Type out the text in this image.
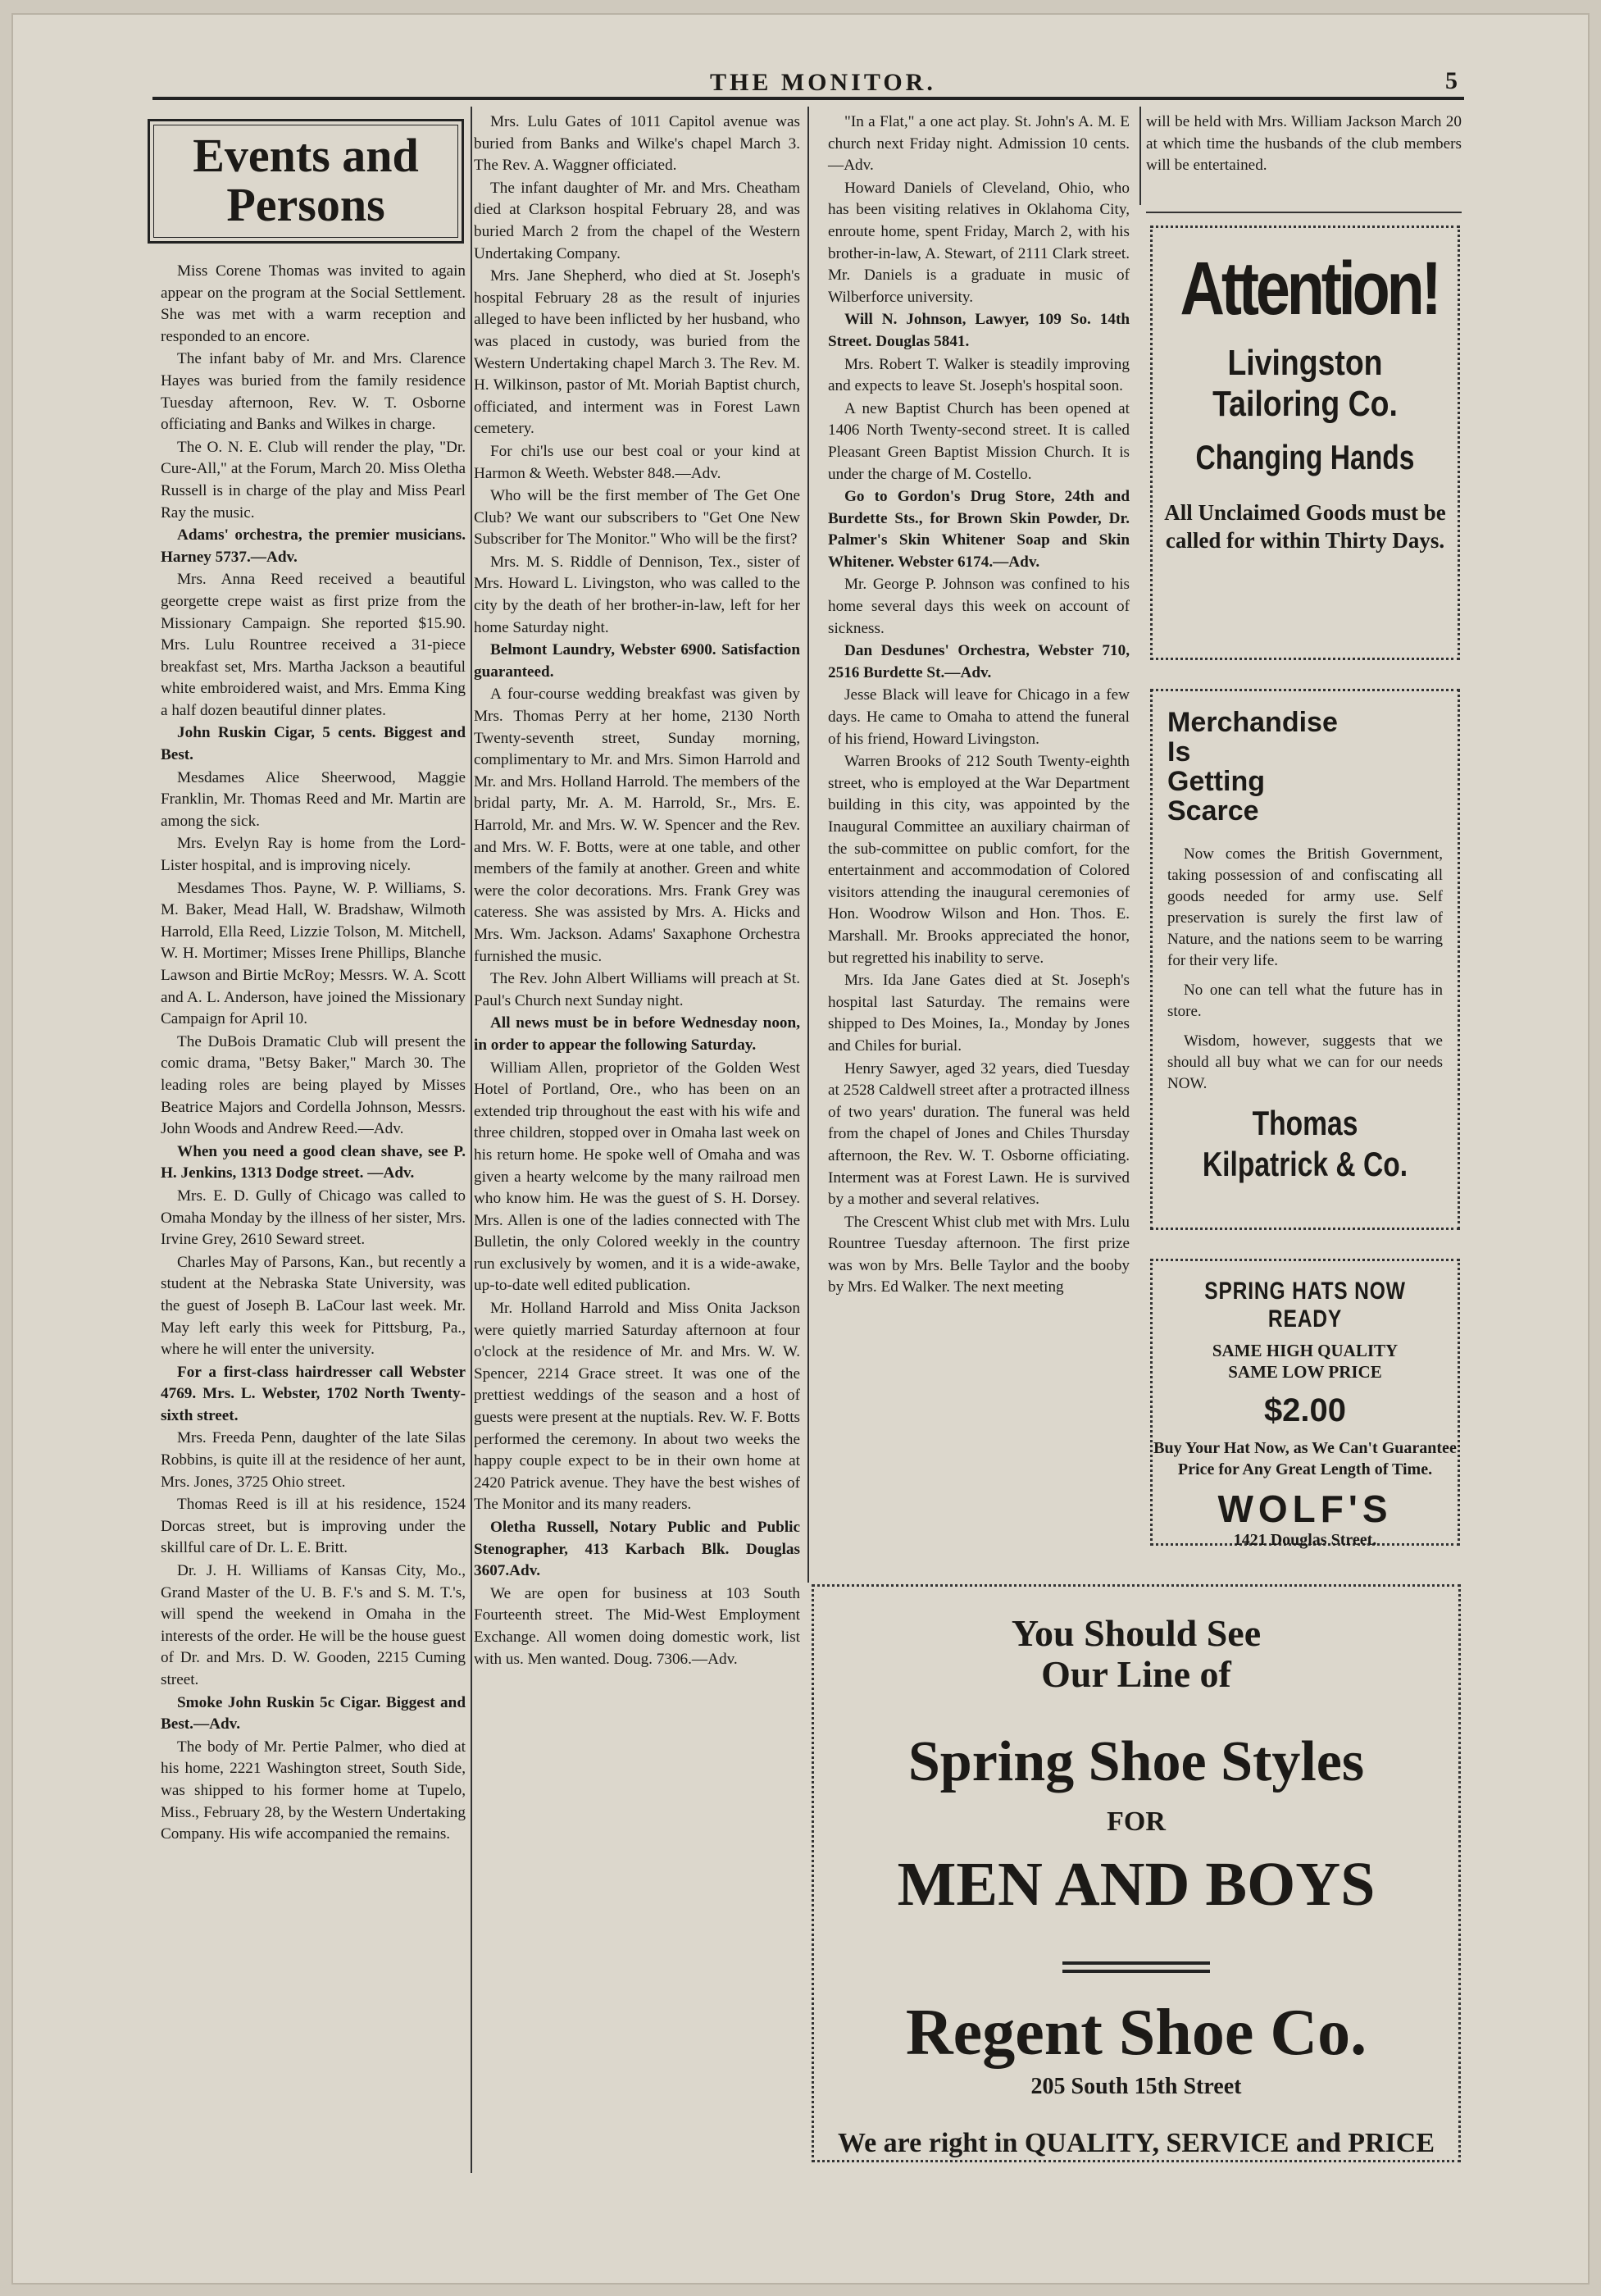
THE MONITOR.	5
Events and
Persons

Miss Corene Thomas was invited to again appear on the program at the Social Settlement. She was met with a warm reception and responded to an encore.

The infant baby of Mr. and Mrs. Clarence Hayes was buried from the family residence Tuesday afternoon, Rev. W. T. Osborne officiating and Banks and Wilkes in charge.

The O. N. E. Club will render the play, "Dr. Cure-All," at the Forum, March 20. Miss Oletha Russell is in charge of the play and Miss Pearl Ray the music.

Adams' orchestra, the premier musicians. Harney 5737.—Adv.

Mrs. Anna Reed received a beautiful georgette crepe waist as first prize from the Missionary Campaign. She reported $15.90. Mrs. Lulu Rountree received a 31-piece breakfast set, Mrs. Martha Jackson a beautiful white embroidered waist, and Mrs. Emma King a half dozen beautiful dinner plates.

John Ruskin Cigar, 5 cents. Biggest and Best.

Mesdames Alice Sheerwood, Maggie Franklin, Mr. Thomas Reed and Mr. Martin are among the sick.

Mrs. Evelyn Ray is home from the Lord-Lister hospital, and is improving nicely.

Mesdames Thos. Payne, W. P. Williams, S. M. Baker, Mead Hall, W. Bradshaw, Wilmoth Harrold, Ella Reed, Lizzie Tolson, M. Mitchell, W. H. Mortimer; Misses Irene Phillips, Blanche Lawson and Birtie McRoy; Messrs. W. A. Scott and A. L. Anderson, have joined the Missionary Campaign for April 10.

The DuBois Dramatic Club will present the comic drama, "Betsy Baker," March 30. The leading roles are being played by Misses Beatrice Majors and Cordella Johnson, Messrs. John Woods and Andrew Reed.—Adv.

When you need a good clean shave, see P. H. Jenkins, 1313 Dodge street. —Adv.

Mrs. E. D. Gully of Chicago was called to Omaha Monday by the illness of her sister, Mrs. Irvine Grey, 2610 Seward street.

Charles May of Parsons, Kan., but recently a student at the Nebraska State University, was the guest of Joseph B. LaCour last week. Mr. May left early this week for Pittsburg, Pa., where he will enter the university.

For a first-class hairdresser call Webster 4769. Mrs. L. Webster, 1702 North Twenty-sixth street.

Mrs. Freeda Penn, daughter of the late Silas Robbins, is quite ill at the residence of her aunt, Mrs. Jones, 3725 Ohio street.

Thomas Reed is ill at his residence, 1524 Dorcas street, but is improving under the skillful care of Dr. L. E. Britt.

Dr. J. H. Williams of Kansas City, Mo., Grand Master of the U. B. F.'s and S. M. T.'s, will spend the weekend in Omaha in the interests of the order. He will be the house guest of Dr. and Mrs. D. W. Gooden, 2215 Cuming street.

Smoke John Ruskin 5c Cigar. Biggest and Best.—Adv.

The body of Mr. Pertie Palmer, who died at his home, 2221 Washington street, South Side, was shipped to his former home at Tupelo, Miss., February 28, by the Western Undertaking Company. His wife accompanied the remains.

Mrs. Lulu Gates of 1011 Capitol avenue was buried from Banks and Wilke's chapel March 3. The Rev. A. Waggner officiated.

The infant daughter of Mr. and Mrs. Cheatham died at Clarkson hospital February 28, and was buried March 2 from the chapel of the Western Undertaking Company.

Mrs. Jane Shepherd, who died at St. Joseph's hospital February 28 as the result of injuries alleged to have been inflicted by her husband, who was placed in custody, was buried from the Western Undertaking chapel March 3. The Rev. M. H. Wilkinson, pastor of Mt. Moriah Baptist church, officiated, and interment was in Forest Lawn cemetery.

For chi'ls use our best coal or your kind at Harmon & Weeth. Webster 848.—Adv.

Who will be the first member of The Get One Club? We want our subscribers to "Get One New Subscriber for The Monitor." Who will be the first?

Mrs. M. S. Riddle of Dennison, Tex., sister of Mrs. Howard L. Livingston, who was called to the city by the death of her brother-in-law, left for her home Saturday night.

Belmont Laundry, Webster 6900. Satisfaction guaranteed.

A four-course wedding breakfast was given by Mrs. Thomas Perry at her home, 2130 North Twenty-seventh street, Sunday morning, complimentary to Mr. and Mrs. Simon Harrold and Mr. and Mrs. Holland Harrold. The members of the bridal party, Mr. A. M. Harrold, Sr., Mrs. E. Harrold, Mr. and Mrs. W. W. Spencer and the Rev. and Mrs. W. F. Botts, were at one table, and other members of the family at another. Green and white were the color decorations. Mrs. Frank Grey was cateress. She was assisted by Mrs. A. Hicks and Mrs. Wm. Jackson. Adams' Saxaphone Orchestra furnished the music.

The Rev. John Albert Williams will preach at St. Paul's Church next Sunday night.

All news must be in before Wednesday noon, in order to appear the following Saturday.

William Allen, proprietor of the Golden West Hotel of Portland, Ore., who has been on an extended trip throughout the east with his wife and three children, stopped over in Omaha last week on his return home. He spoke well of Omaha and was given a hearty welcome by the many railroad men who know him. He was the guest of S. H. Dorsey. Mrs. Allen is one of the ladies connected with The Bulletin, the only Colored weekly in the country run exclusively by women, and it is a wide-awake, up-to-date well edited publication.

Mr. Holland Harrold and Miss Onita Jackson were quietly married Saturday afternoon at four o'clock at the residence of Mr. and Mrs. W. W. Spencer, 2214 Grace street. It was one of the prettiest weddings of the season and a host of guests were present at the nuptials. Rev. W. F. Botts performed the ceremony. In about two weeks the happy couple expect to be in their own home at 2420 Patrick avenue. They have the best wishes of The Monitor and its many readers.

Oletha Russell, Notary Public and Public Stenographer, 413 Karbach Blk. Douglas 3607.Adv.

We are open for business at 103 South Fourteenth street. The Mid-West Employment Exchange. All women doing domestic work, list with us. Men wanted. Doug. 7306.—Adv.

"In a Flat," a one act play. St. John's A. M. E church next Friday night. Admission 10 cents.—Adv.

Howard Daniels of Cleveland, Ohio, who has been visiting relatives in Oklahoma City, enroute home, spent Friday, March 2, with his brother-in-law, A. Stewart, of 2111 Clark street. Mr. Daniels is a graduate in music of Wilberforce university.

Will N. Johnson, Lawyer, 109 So. 14th Street. Douglas 5841.

Mrs. Robert T. Walker is steadily improving and expects to leave St. Joseph's hospital soon.

A new Baptist Church has been opened at 1406 North Twenty-second street. It is called Pleasant Green Baptist Mission Church. It is under the charge of M. Costello.

Go to Gordon's Drug Store, 24th and Burdette Sts., for Brown Skin Powder, Dr. Palmer's Skin Whitener Soap and Skin Whitener. Webster 6174.—Adv.

Mr. George P. Johnson was confined to his home several days this week on account of sickness.

Dan Desdunes' Orchestra, Webster 710, 2516 Burdette St.—Adv.

Jesse Black will leave for Chicago in a few days. He came to Omaha to attend the funeral of his friend, Howard Livingston.

Warren Brooks of 212 South Twenty-eighth street, who is employed at the War Department building in this city, was appointed by the Inaugural Committee an auxiliary chairman of the sub-committee on public comfort, for the entertainment and accommodation of Colored visitors attending the inaugural ceremonies of Hon. Woodrow Wilson and Hon. Thos. E. Marshall. Mr. Brooks appreciated the honor, but regretted his inability to serve.

Mrs. Ida Jane Gates died at St. Joseph's hospital last Saturday. The remains were shipped to Des Moines, Ia., Monday by Jones and Chiles for burial.

Henry Sawyer, aged 32 years, died Tuesday at 2528 Caldwell street after a protracted illness of two years' duration. The funeral was held from the chapel of Jones and Chiles Thursday afternoon, the Rev. W. T. Osborne officiating. Interment was at Forest Lawn. He is survived by a mother and several relatives.

The Crescent Whist club met with Mrs. Lulu Rountree Tuesday afternoon. The first prize was won by Mrs. Belle Taylor and the booby by Mrs. Ed Walker. The next meeting

will be held with Mrs. William Jackson March 20 at which time the husbands of the club members will be entertained.

Attention!
Livingston Tailoring Co.
Changing Hands
All Unclaimed Goods must be called for within Thirty Days.
Merchandise
Is
Getting
Scarce

Now comes the British Government, taking possession of and confiscating all goods needed for army use. Self preservation is surely the first law of Nature, and the nations seem to be warring for their very life.

No one can tell what the future has in store.

Wisdom, however, suggests that we should all buy what we can for our needs NOW.

Thomas
Kilpatrick & Co.
SPRING HATS NOW READY
SAME HIGH QUALITY
SAME LOW PRICE
$2.00
Buy Your Hat Now, as We Can't Guarantee Price for Any Great Length of Time.
WOLF'S
1421 Douglas Street.
You Should See
Our Line of
Spring Shoe Styles
FOR
MEN AND BOYS
Regent Shoe Co.
205 South 15th Street
We are right in QUALITY, SERVICE and PRICE
